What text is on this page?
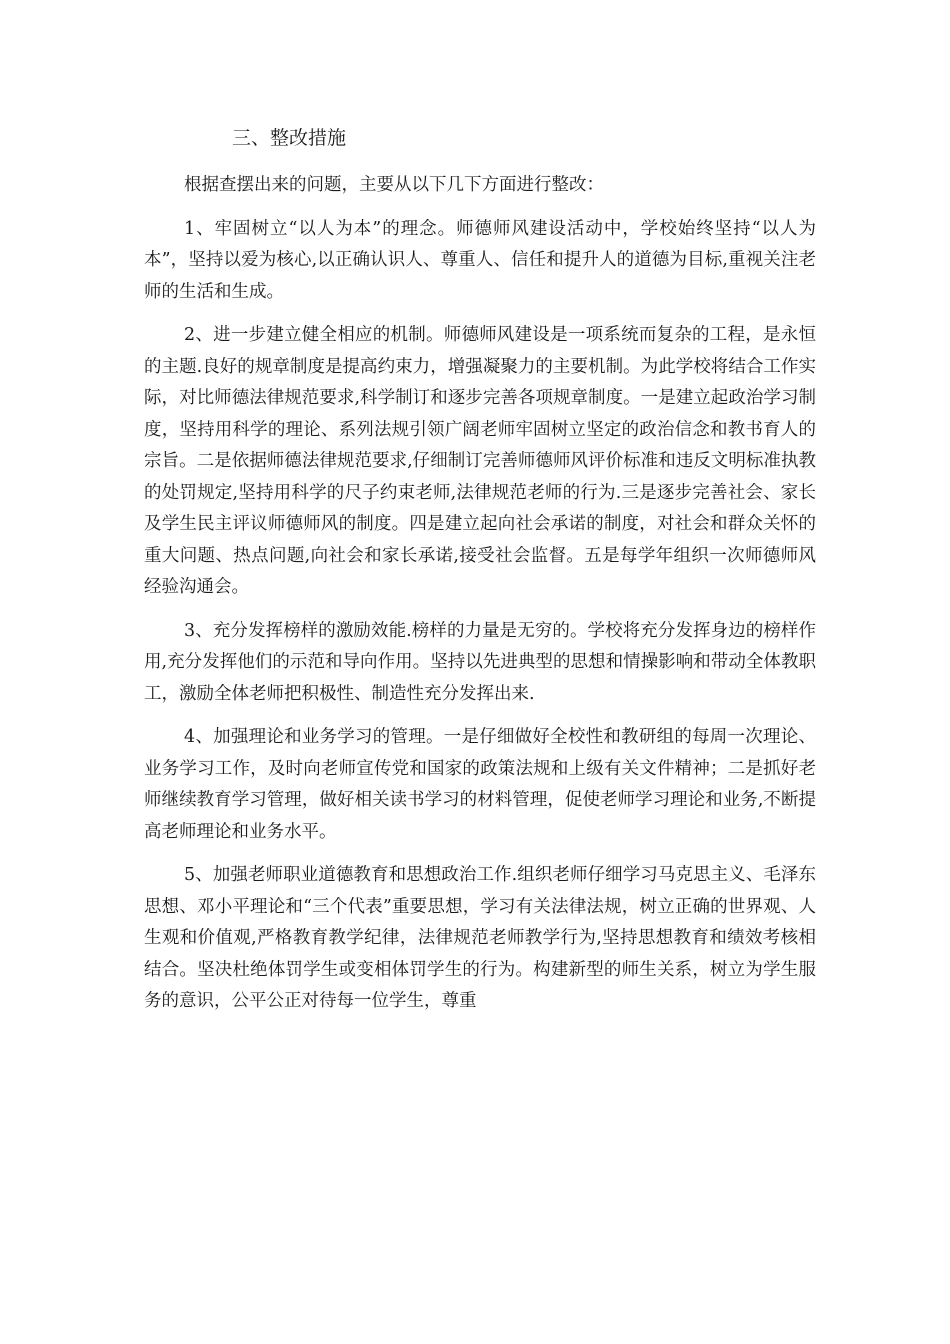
三、整改措施

根据查摆出来的问题，主要从以下几下方面进行整改：

1、牢固树立“以人为本”的理念。师德师风建设活动中，学校始终坚持“以人为本”，坚持以爱为核心,以正确认识人、尊重人、信任和提升人的道德为目标,重视关注老师的生活和生成。

2、进一步建立健全相应的机制。师德师风建设是一项系统而复杂的工程，是永恒的主题.良好的规章制度是提高约束力，增强凝聚力的主要机制。为此学校将结合工作实际，对比师德法律规范要求,科学制订和逐步完善各项规章制度。一是建立起政治学习制度，坚持用科学的理论、系列法规引领广阔老师牢固树立坚定的政治信念和教书育人的宗旨。二是依据师德法律规范要求,仔细制订完善师德师风评价标准和违反文明标准执教的处罚规定,坚持用科学的尺子约束老师,法律规范老师的行为.三是逐步完善社会、家长及学生民主评议师德师风的制度。四是建立起向社会承诺的制度，对社会和群众关怀的重大问题、热点问题,向社会和家长承诺,接受社会监督。五是每学年组织一次师德师风经验沟通会。

3、充分发挥榜样的激励效能.榜样的力量是无穷的。学校将充分发挥身边的榜样作用,充分发挥他们的示范和导向作用。坚持以先进典型的思想和情操影响和带动全体教职工，激励全体老师把积极性、制造性充分发挥出来.

4、加强理论和业务学习的管理。一是仔细做好全校性和教研组的每周一次理论、业务学习工作，及时向老师宣传党和国家的政策法规和上级有关文件精神；二是抓好老师继续教育学习管理，做好相关读书学习的材料管理，促使老师学习理论和业务,不断提高老师理论和业务水平。

5、加强老师职业道德教育和思想政治工作.组织老师仔细学习马克思主义、毛泽东思想、邓小平理论和“三个代表”重要思想，学习有关法律法规，树立正确的世界观、人生观和价值观,严格教育教学纪律，法律规范老师教学行为,坚持思想教育和绩效考核相结合。坚决杜绝体罚学生或变相体罚学生的行为。构建新型的师生关系，树立为学生服务的意识，公平公正对待每一位学生，尊重
